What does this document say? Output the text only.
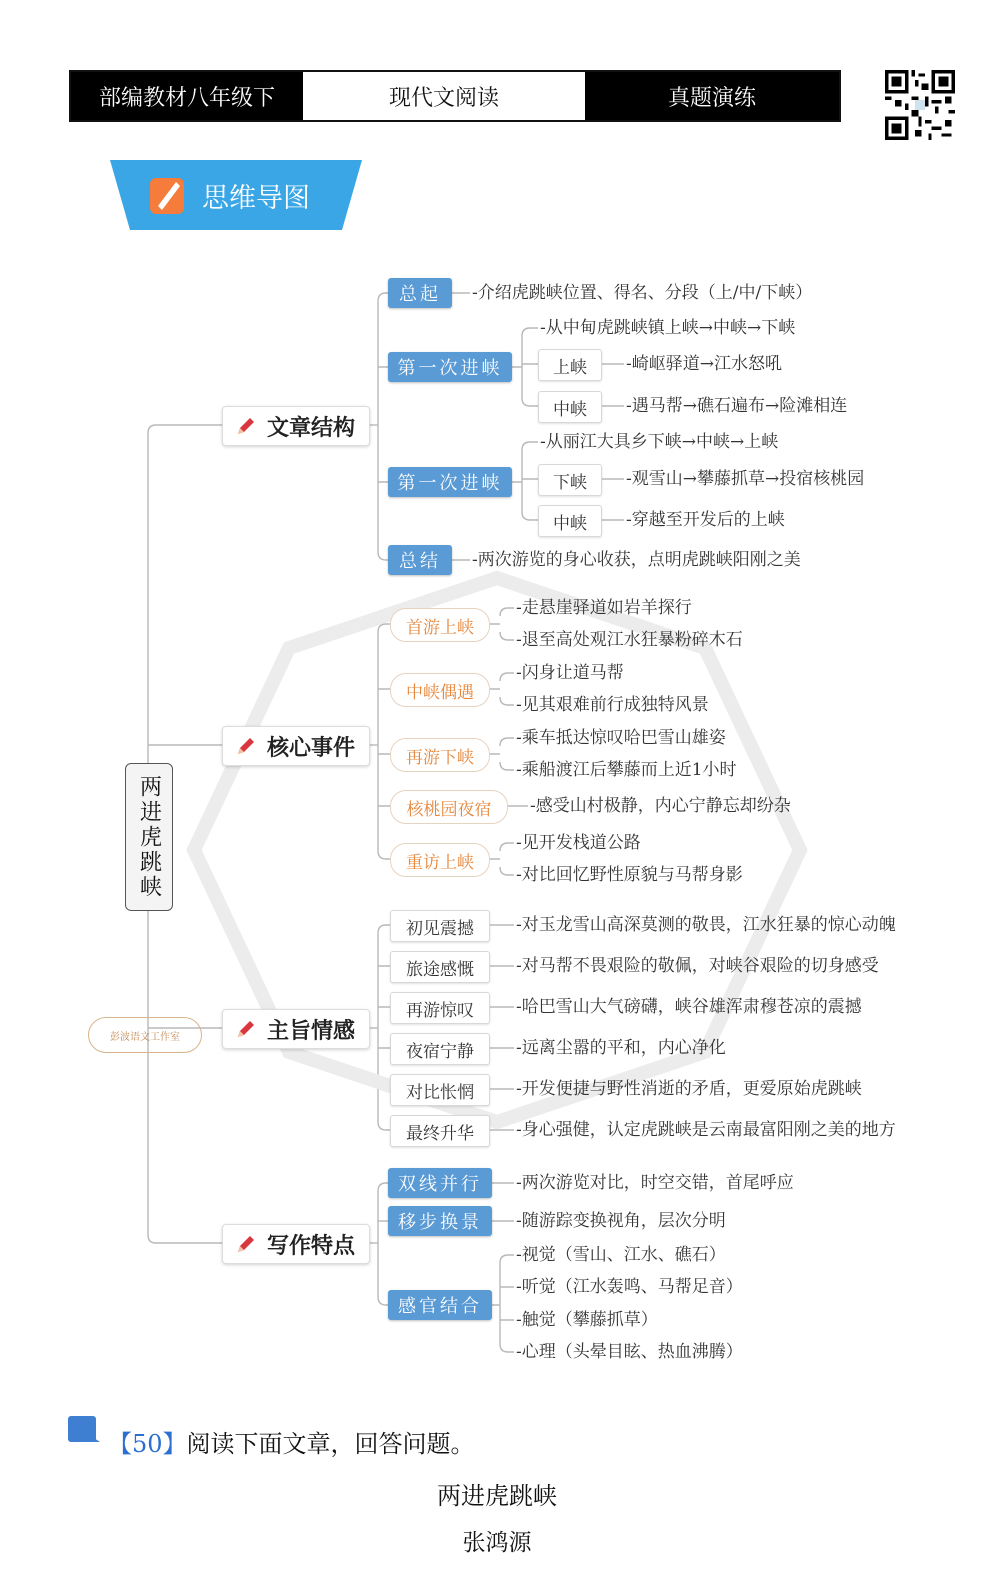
部编教材八年级下	现代文阅读	真题演练
思维导图
两进虎跳峡
彭波语文工作室
文章结构
核心事件
主旨情感
写作特点
总起	-介绍虎跳峡位置、得名、分段（上/中/下峡）
第一次进峡
-从中甸虎跳峡镇上峡→中峡→下峡
上峡	-崎岖驿道→江水怒吼
中峡	-遇马帮→礁石遍布→险滩相连
第一次进峡
-从丽江大具乡下峡→中峡→上峡
下峡	-观雪山→攀藤抓草→投宿核桃园
中峡	-穿越至开发后的上峡
总结	-两次游览的身心收获，点明虎跳峡阳刚之美
首游上峡
-走悬崖驿道如岩羊探行
-退至高处观江水狂暴粉碎木石
中峡偶遇
-闪身让道马帮
-见其艰难前行成独特风景
再游下峡
-乘车抵达惊叹哈巴雪山雄姿
-乘船渡江后攀藤而上近1小时
核桃园夜宿	-感受山村极静，内心宁静忘却纷杂
重访上峡
-见开发栈道公路
-对比回忆野性原貌与马帮身影
初见震撼	-对玉龙雪山高深莫测的敬畏，江水狂暴的惊心动魄
旅途感慨	-对马帮不畏艰险的敬佩，对峡谷艰险的切身感受
再游惊叹	-哈巴雪山大气磅礴，峡谷雄浑肃穆苍凉的震撼
夜宿宁静	-远离尘嚣的平和，内心净化
对比怅惘	-开发便捷与野性消逝的矛盾，更爱原始虎跳峡
最终升华	-身心强健，认定虎跳峡是云南最富阳刚之美的地方
双线并行	-两次游览对比，时空交错，首尾呼应
移步换景	-随游踪变换视角，层次分明
感官结合
-视觉（雪山、江水、礁石）
-听觉（江水轰鸣、马帮足音）
-触觉（攀藤抓草）
-心理（头晕目眩、热血沸腾）
【50】阅读下面文章，回答问题。
两进虎跳峡
张鸿源
